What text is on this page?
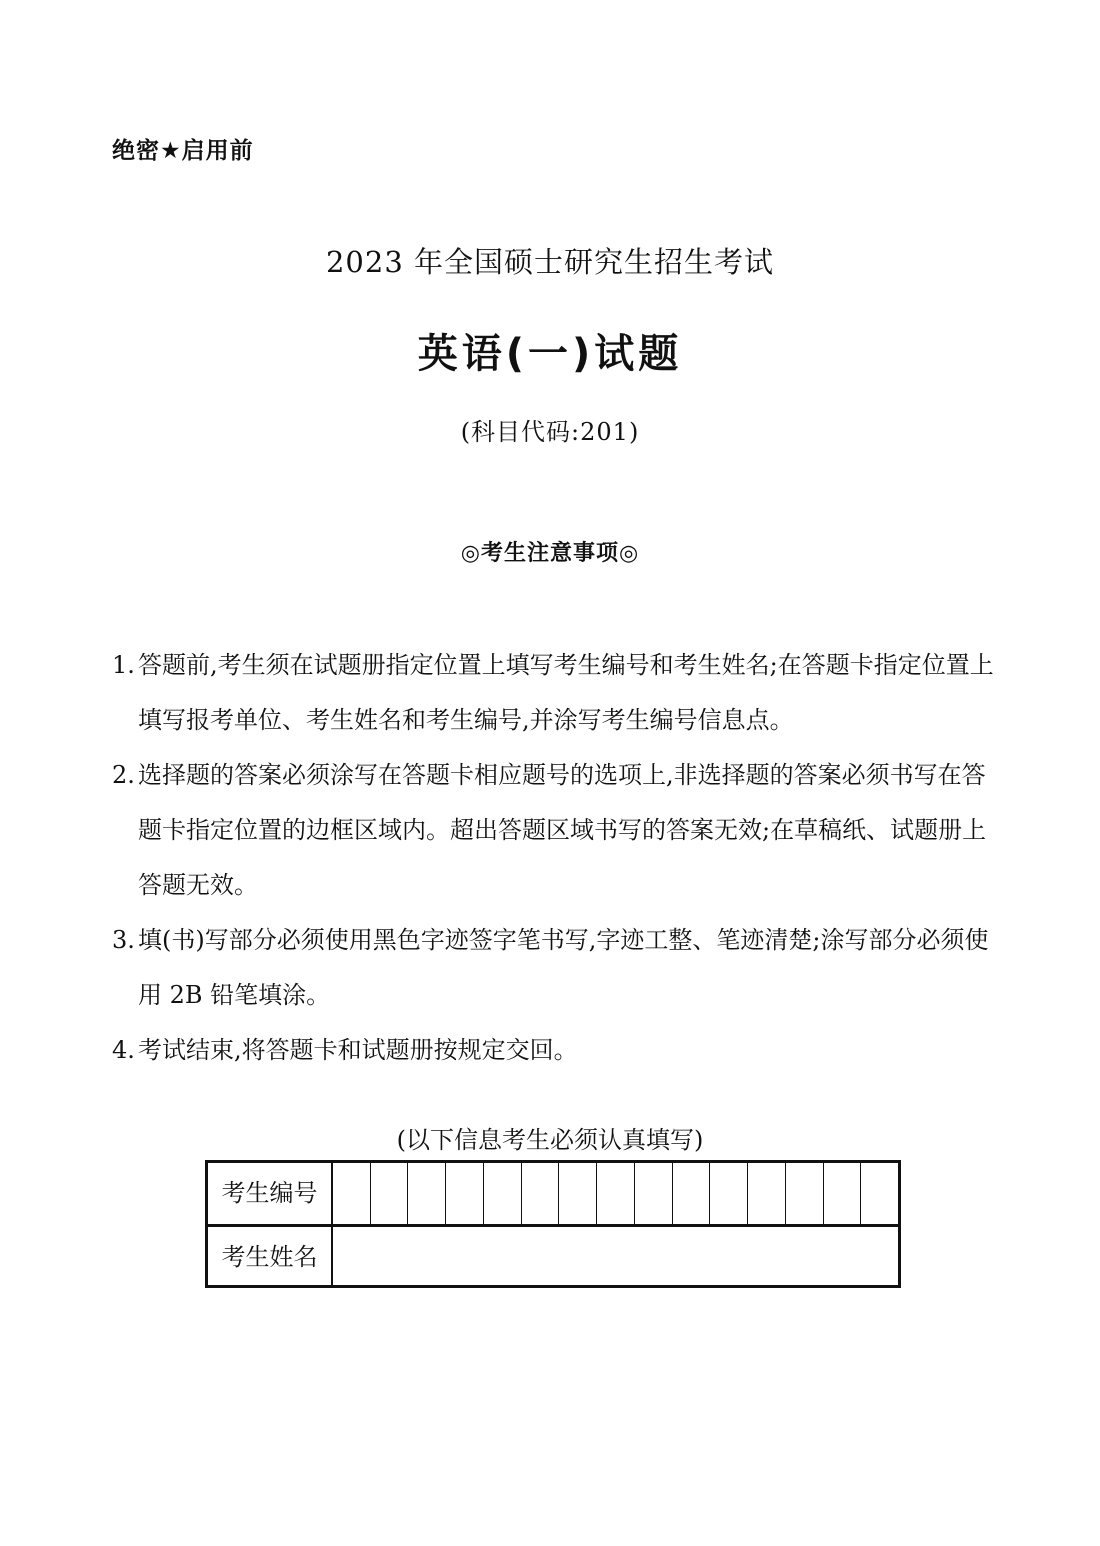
绝密★启用前
2023 年全国硕士研究生招生考试
英语(一)试题
(科目代码:201)
◎考生注意事项◎
1. 答题前,考生须在试题册指定位置上填写考生编号和考生姓名;在答题卡指定位置上填写报考单位、考生姓名和考生编号,并涂写考生编号信息点。
2. 选择题的答案必须涂写在答题卡相应题号的选项上,非选择题的答案必须书写在答题卡指定位置的边框区域内。超出答题区域书写的答案无效;在草稿纸、试题册上答题无效。
3. 填(书)写部分必须使用黑色字迹签字笔书写,字迹工整、笔迹清楚;涂写部分必须使用 2B 铅笔填涂。
4. 考试结束,将答题卡和试题册按规定交回。
(以下信息考生必须认真填写)
考生编号
考生姓名
